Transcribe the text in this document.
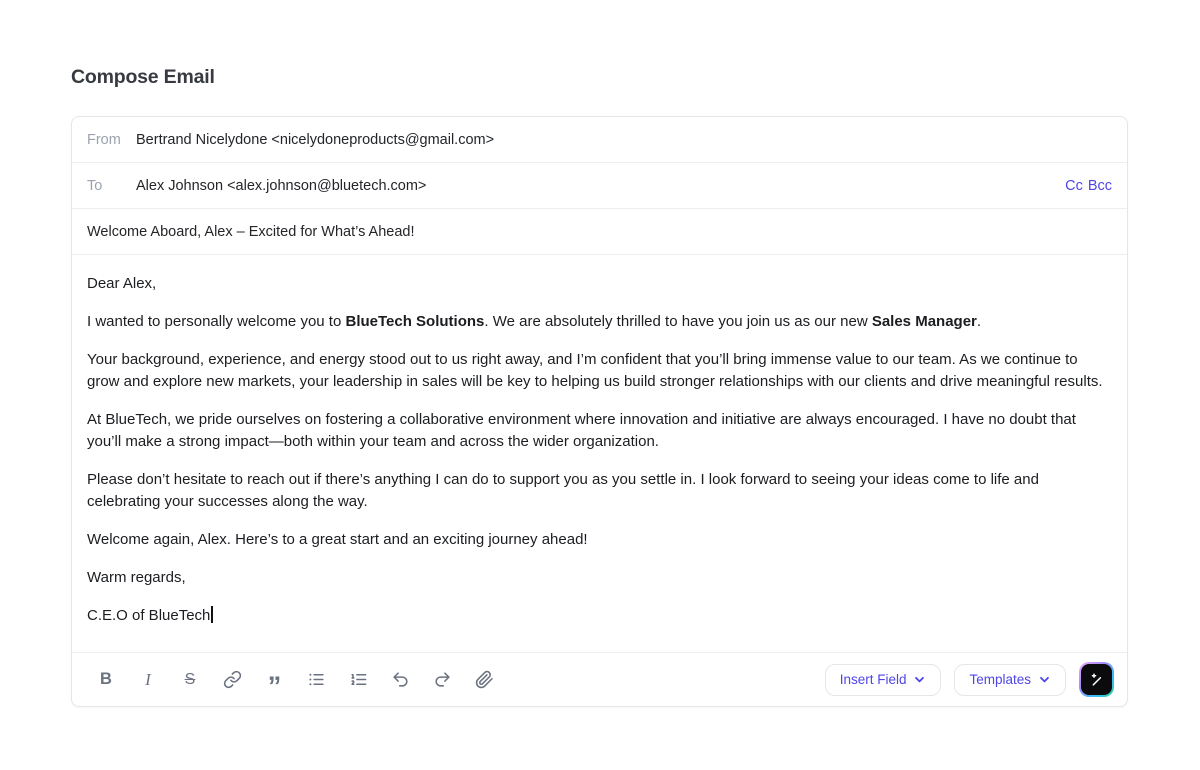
Compose Email
From	Bertrand Nicelydone <nicelydoneproducts@gmail.com>
To	Alex Johnson <alex.johnson@bluetech.com>	Cc Bcc
Welcome Aboard, Alex – Excited for What’s Ahead!

Dear Alex,

I wanted to personally welcome you to BlueTech Solutions. We are absolutely thrilled to have you join us as our new Sales Manager.

Your background, experience, and energy stood out to us right away, and I’m confident that you’ll bring immense value to our team. As we continue to grow and explore new markets, your leadership in sales will be key to helping us build stronger relationships with our clients and drive meaningful results.

At BlueTech, we pride ourselves on fostering a collaborative environment where innovation and initiative are always encouraged. I have no doubt that you’ll make a strong impact—both within your team and across the wider organization.

Please don’t hesitate to reach out if there’s anything I can do to support you as you settle in. I look forward to seeing your ideas come to life and celebrating your successes along the way.

Welcome again, Alex. Here’s to a great start and an exciting journey ahead!

Warm regards,

C.E.O of BlueTech

B I S	”	Insert Field	Templates
